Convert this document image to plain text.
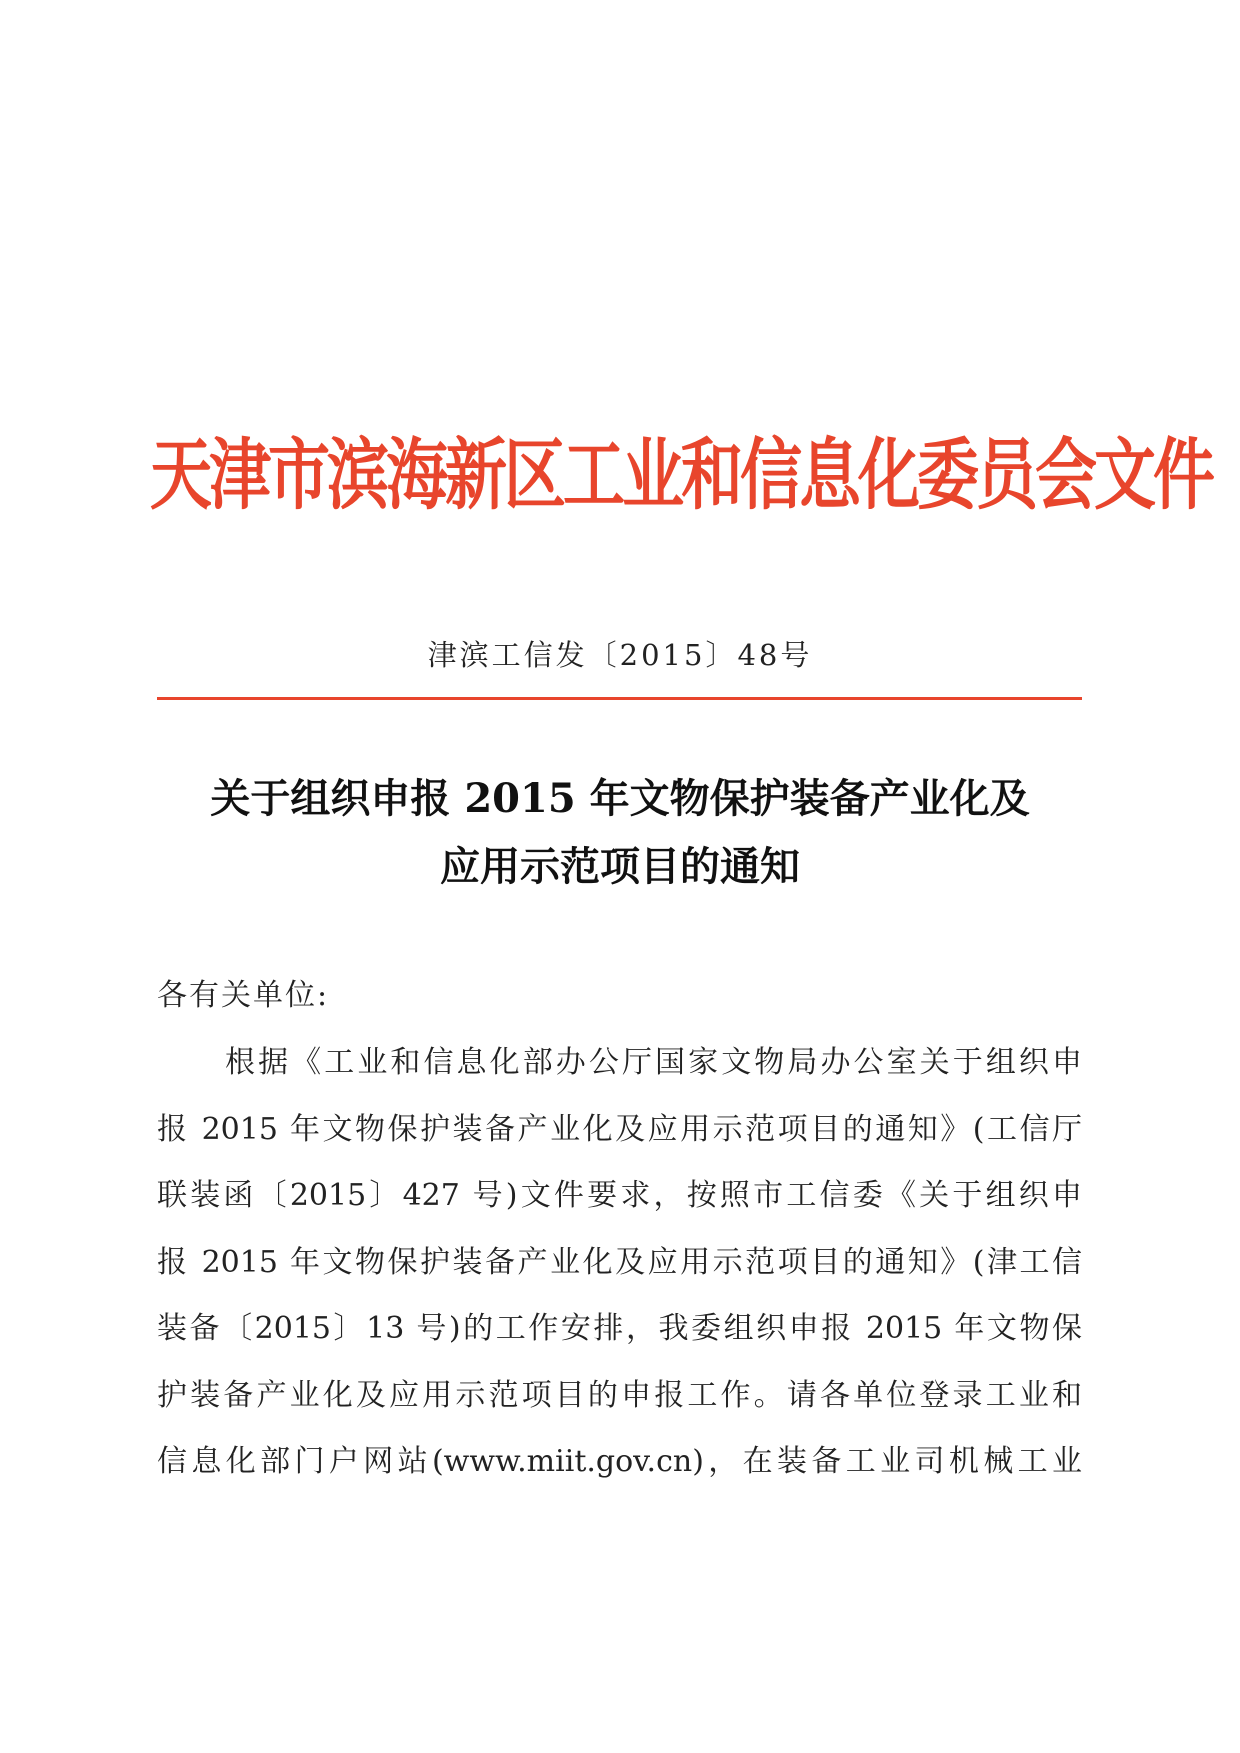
天津市滨海新区工业和信息化委员会文件
津滨工信发〔2015〕48号
关于组织申报 2015 年文物保护装备产业化及
应用示范项目的通知
各有关单位:
根据《工业和信息化部办公厅国家文物局办公室关于组织申
报 2015 年文物保护装备产业化及应用示范项目的通知》(工信厅
联装函〔2015〕427 号)文件要求，按照市工信委《关于组织申
报 2015 年文物保护装备产业化及应用示范项目的通知》(津工信
装备〔2015〕13 号)的工作安排，我委组织申报 2015 年文物保
护装备产业化及应用示范项目的申报工作。请各单位登录工业和
信息化部门户网站(www.miit.gov.cn)，在装备工业司机械工业
